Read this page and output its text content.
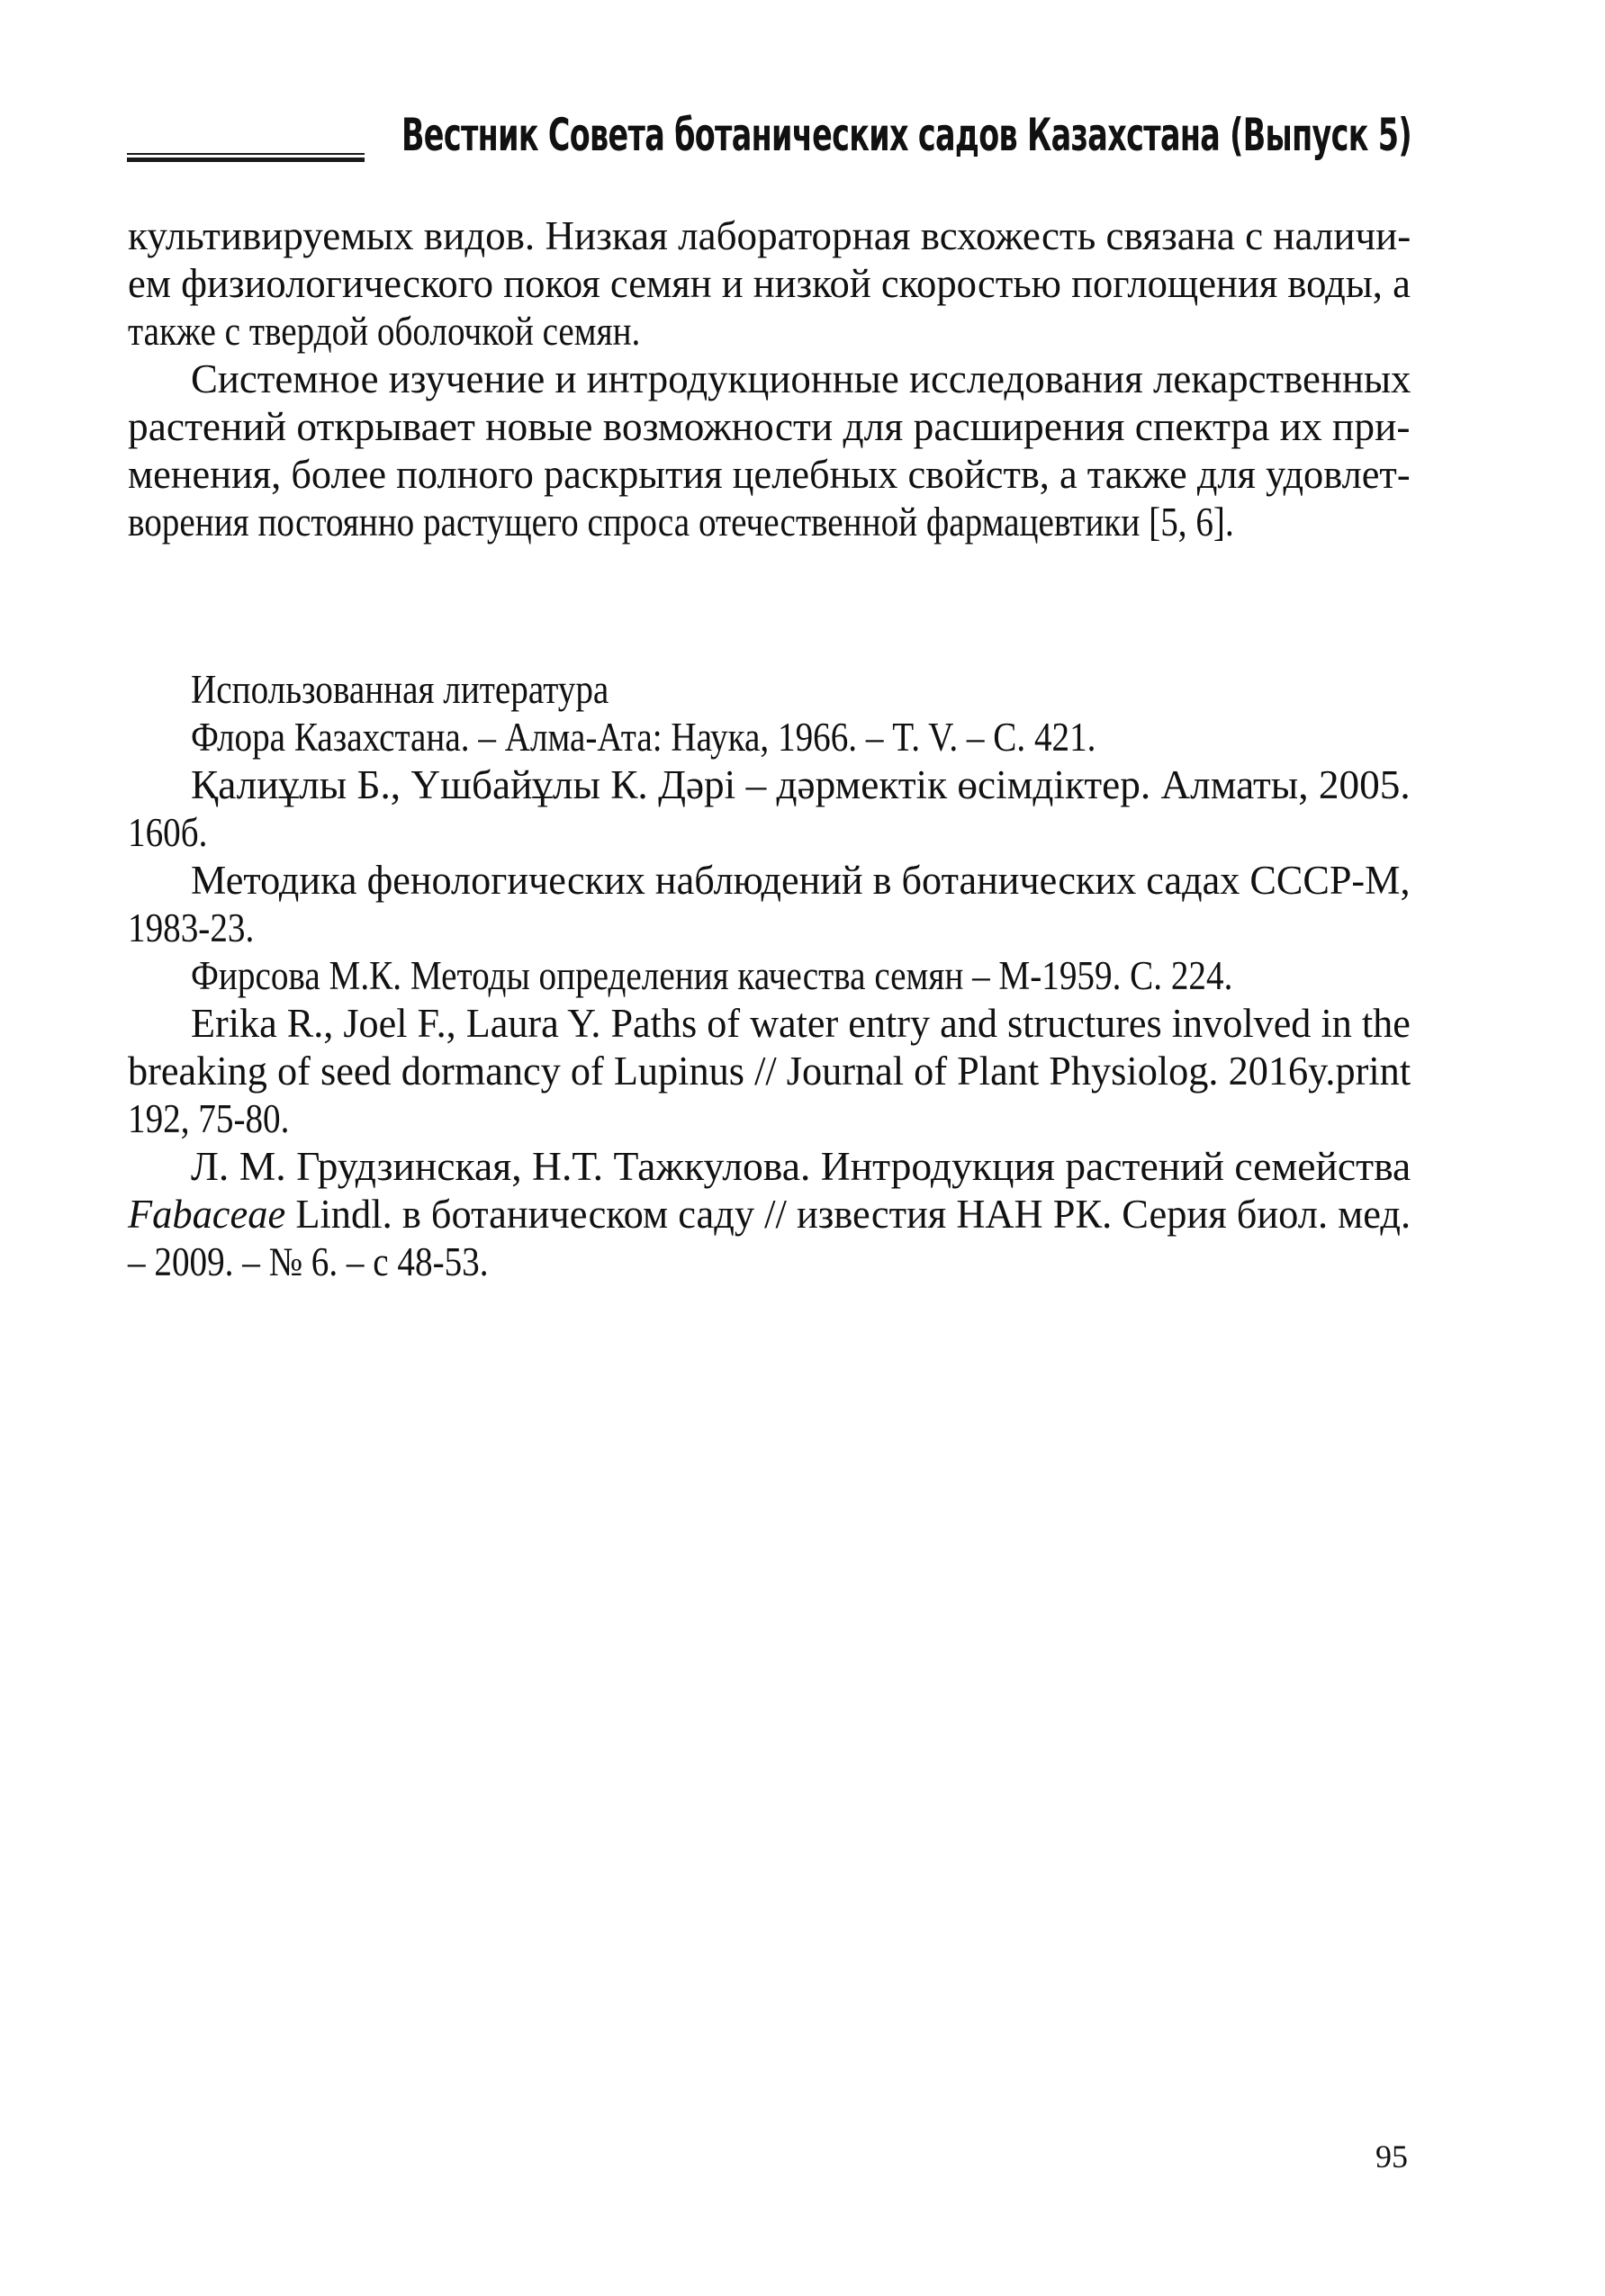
Вестник Совета ботанических садов Казахстана (Выпуск 5)
культивируемых видов. Низкая лабораторная всхожесть связана с наличи-
ем физиологического покоя семян и низкой скоростью поглощения воды, а
также с твердой оболочкой семян.
Системное изучение и интродукционные исследования лекарственных
растений открывает новые возможности для расширения спектра их при-
менения, более полного раскрытия целебных свойств, а также для удовлет-
ворения постоянно растущего спроса отечественной фармацевтики [5, 6].
Использованная литература
Флора Казахстана. – Алма-Ата: Наука, 1966. – T. V. – C. 421.
Қалиұлы Б., Үшбайұлы К. Дәрі – дәрмектік өсімдіктер. Алматы, 2005.
160б.
Методика фенологических наблюдений в ботанических садах СССР-М,
1983-23.
Фирсова М.К. Методы определения качества семян – М-1959. С. 224.
Erika R., Joel F., Laura Y. Paths of water entry and structures involved in the
breaking of seed dormancy of Lupinus // Journal of Plant Physiolog. 2016y.print
192, 75-80.
Л. М. Грудзинская, Н.Т. Тажкулова. Интродукция растений семейства
Fabaceae Lindl. в ботаническом саду // известия НАН РК. Серия биол. мед.
– 2009. – № 6. – с 48-53.
95
